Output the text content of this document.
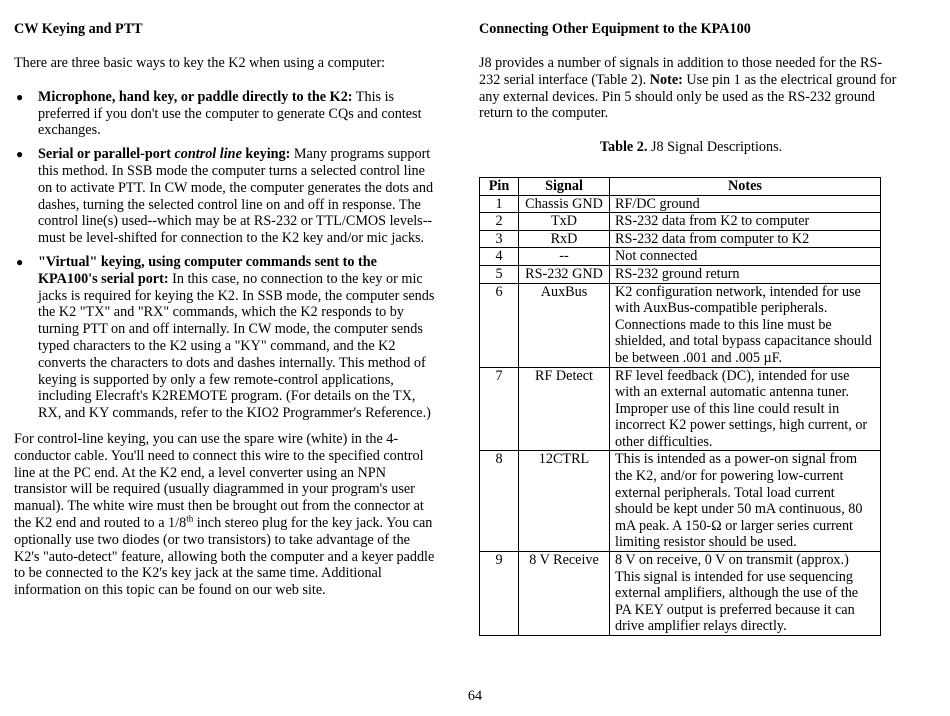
CW Keying and PTT

There are three basic ways to key the K2 when using a computer:

● Microphone, hand key, or paddle directly to the K2: This is preferred if you don't use the computer to generate CQs and contest exchanges.
● Serial or parallel-port control line keying: Many programs support this method. In SSB mode the computer turns a selected control line on to activate PTT. In CW mode, the computer generates the dots and dashes, turning the selected control line on and off in response. The control line(s) used--which may be at RS-232 or TTL/CMOS levels--must be level-shifted for connection to the K2 key and/or mic jacks.
● "Virtual" keying, using computer commands sent to the KPA100's serial port: In this case, no connection to the key or mic jacks is required for keying the K2. In SSB mode, the computer sends the K2 "TX" and "RX" commands, which the K2 responds to by turning PTT on and off internally. In CW mode, the computer sends typed characters to the K2 using a "KY" command, and the K2 converts the characters to dots and dashes internally. This method of keying is supported by only a few remote-control applications, including Elecraft's K2REMOTE program. (For details on the TX, RX, and KY commands, refer to the KIO2 Programmer's Reference.)

For control-line keying, you can use the spare wire (white) in the 4-conductor cable. You'll need to connect this wire to the specified control line at the PC end. At the K2 end, a level converter using an NPN transistor will be required (usually diagrammed in your program's user manual). The white wire must then be brought out from the connector at the K2 end and routed to a 1/8th inch stereo plug for the key jack. You can optionally use two diodes (or two transistors) to take advantage of the K2's "auto-detect" feature, allowing both the computer and a keyer paddle to be connected to the K2's key jack at the same time. Additional information on this topic can be found on our web site.

Connecting Other Equipment to the KPA100

J8 provides a number of signals in addition to those needed for the RS-232 serial interface (Table 2). Note: Use pin 1 as the electrical ground for any external devices. Pin 5 should only be used as the RS-232 ground return to the computer.

Table 2. J8 Signal Descriptions.

Pin	Signal	Notes
1	Chassis GND	RF/DC ground
2	TxD	RS-232 data from K2 to computer
3	RxD	RS-232 data from computer to K2
4	--	Not connected
5	RS-232 GND	RS-232 ground return
6	AuxBus	K2 configuration network, intended for use with AuxBus-compatible peripherals. Connections made to this line must be shielded, and total bypass capacitance should be between .001 and .005 µF.
7	RF Detect	RF level feedback (DC), intended for use with an external automatic antenna tuner. Improper use of this line could result in incorrect K2 power settings, high current, or other difficulties.
8	12CTRL	This is intended as a power-on signal from the K2, and/or for powering low-current external peripherals. Total load current should be kept under 50 mA continuous, 80 mA peak. A 150-Ω or larger series current limiting resistor should be used.
9	8 V Receive	8 V on receive, 0 V on transmit (approx.) This signal is intended for use sequencing external amplifiers, although the use of the PA KEY output is preferred because it can drive amplifier relays directly.
64
